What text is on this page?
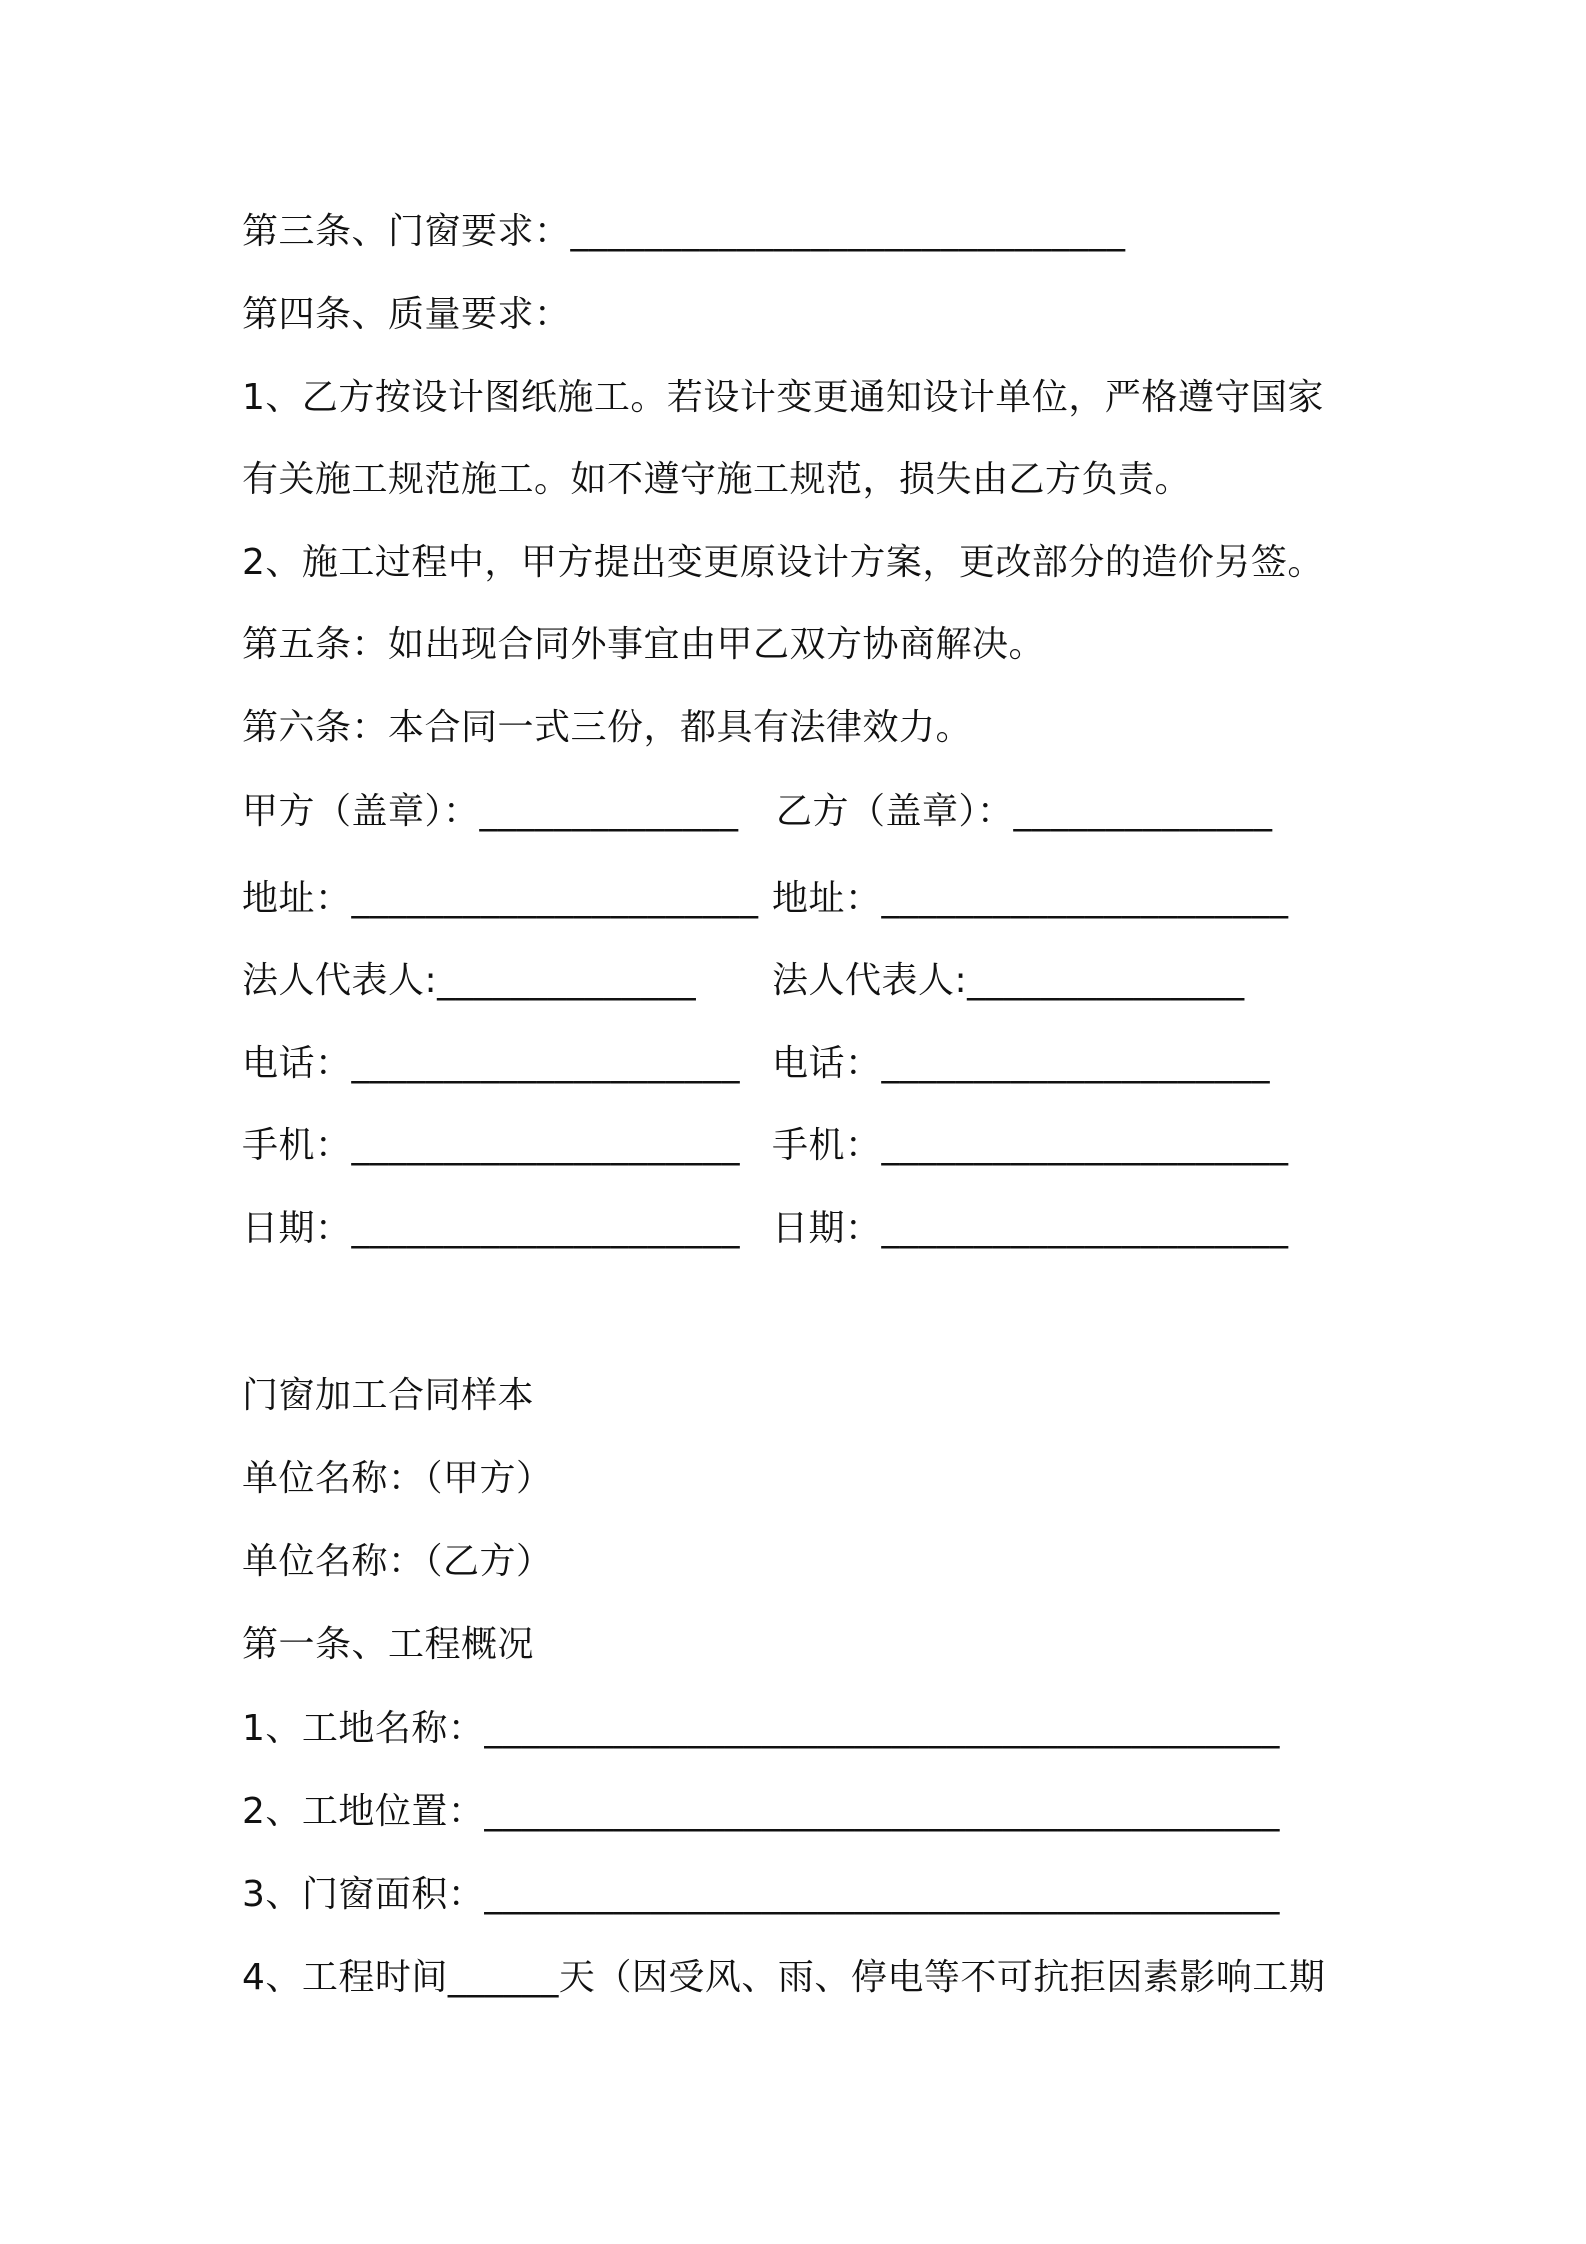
第三条、门窗要求：______________________________
第四条、质量要求：
1、乙方按设计图纸施工。若设计变更通知设计单位，严格遵守国家
有关施工规范施工。如不遵守施工规范，损失由乙方负责。
2、施工过程中，甲方提出变更原设计方案，更改部分的造价另签。
第五条：如出现合同外事宜由甲乙双方协商解决。
第六条：本合同一式三份，都具有法律效力。
甲方（盖章）：______________ 乙方（盖章）：______________
地址：______________________ 地址：______________________
法人代表人:______________ 法人代表人:_______________
电话：_____________________ 电话：_____________________
手机：_____________________ 手机：______________________
日期：_____________________ 日期：______________________
门窗加工合同样本
单位名称：（甲方）
单位名称：（乙方）
第一条、工程概况
1、工地名称：___________________________________________
2、工地位置：___________________________________________
3、门窗面积：___________________________________________
4、工程时间______天（因受风、雨、停电等不可抗拒因素影响工期
